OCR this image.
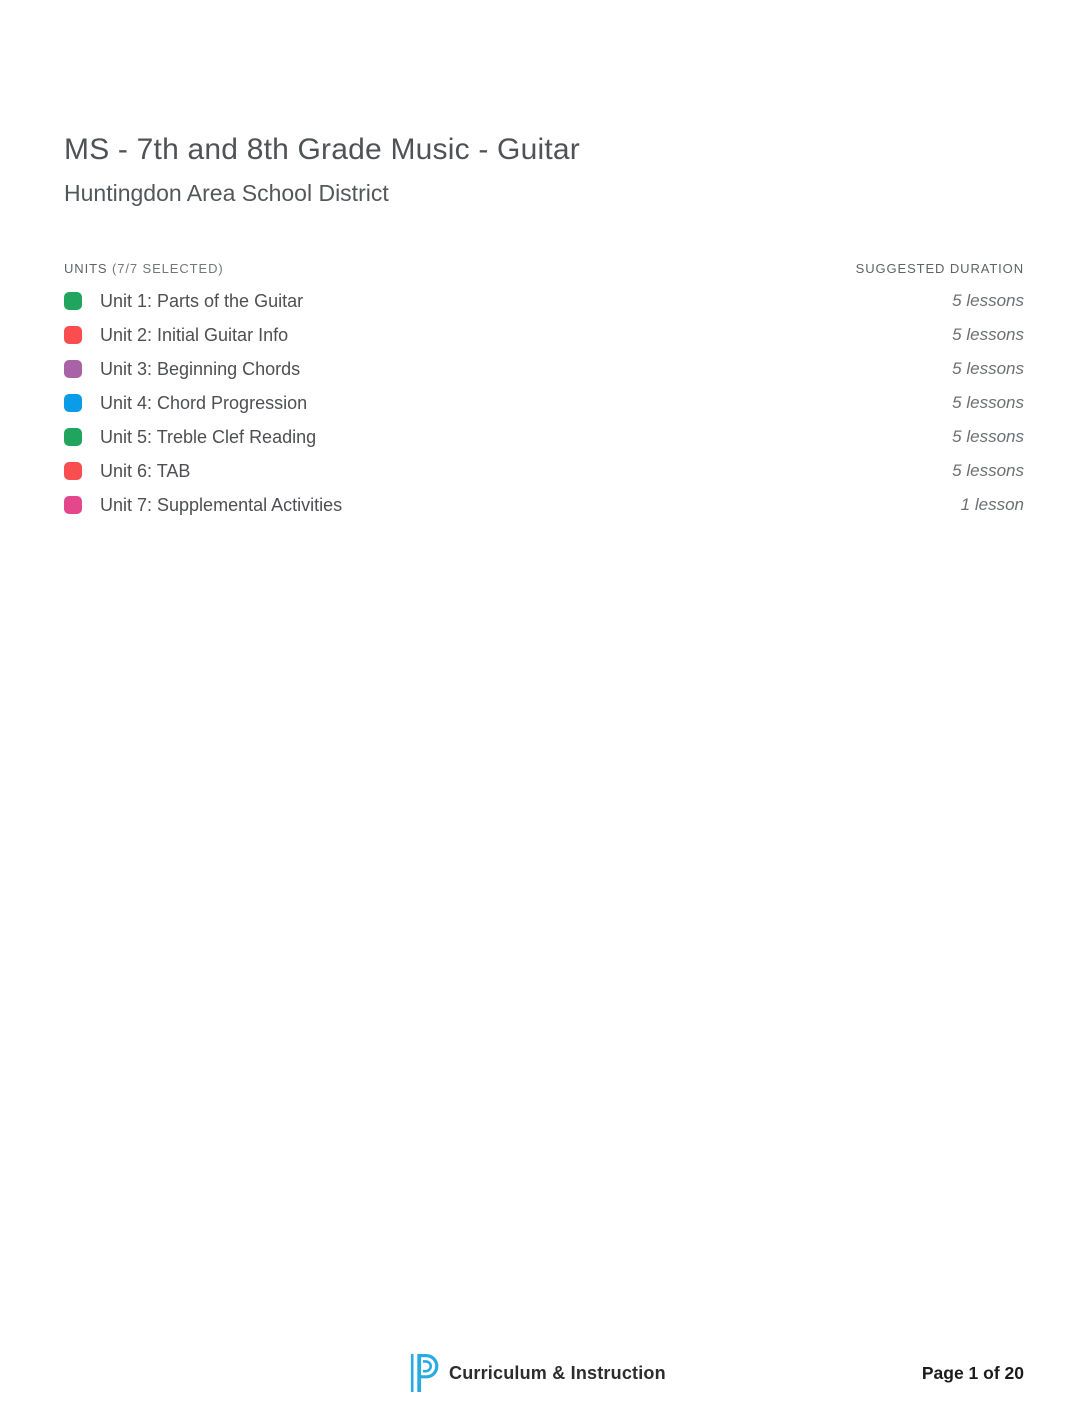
MS - 7th and 8th Grade Music - Guitar
Huntingdon Area School District
UNITS (7/7 SELECTED)	SUGGESTED DURATION
Unit 1: Parts of the Guitar	5 lessons
Unit 2: Initial Guitar Info	5 lessons
Unit 3: Beginning Chords	5 lessons
Unit 4: Chord Progression	5 lessons
Unit 5: Treble Clef Reading	5 lessons
Unit 6: TAB	5 lessons
Unit 7: Supplemental Activities	1 lesson
Curriculum & Instruction	Page 1 of 20
